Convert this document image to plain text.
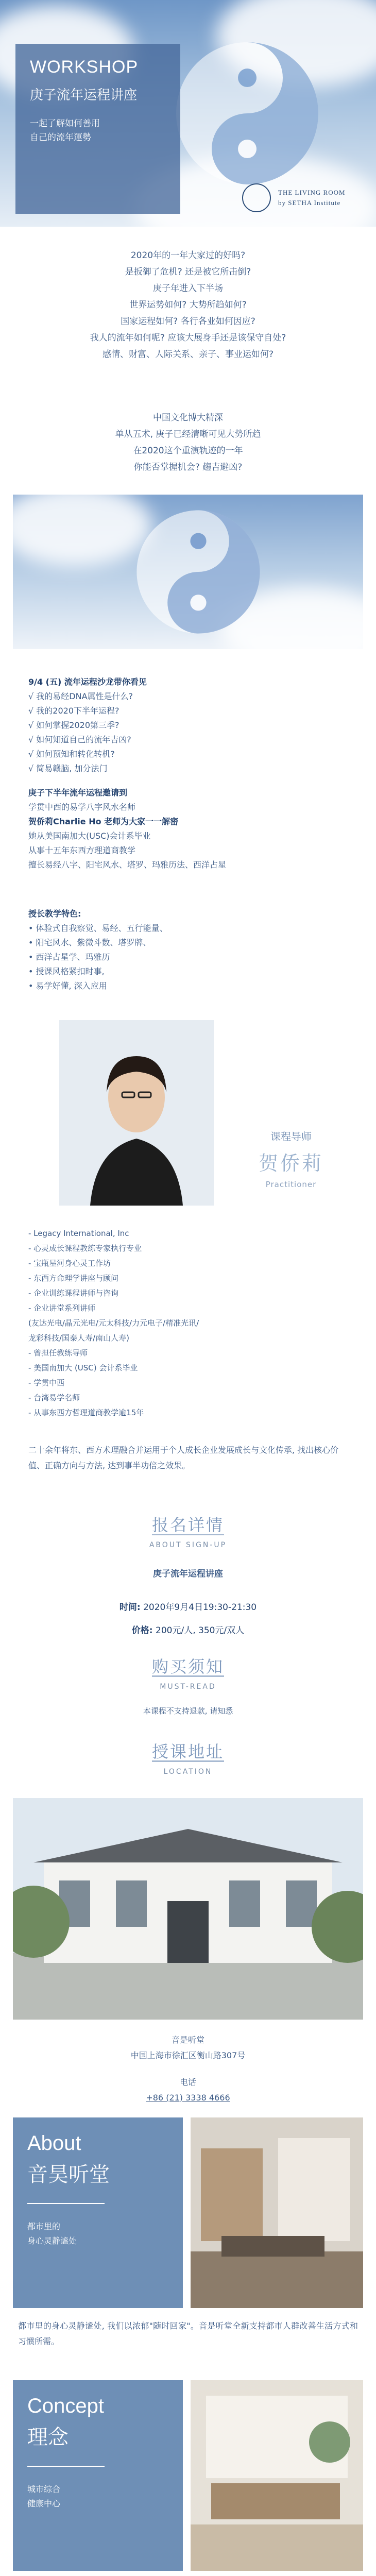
WORKSHOP
庚子流年运程讲座
一起了解如何善用
自己的流年運勢
THE LIVING ROOM
by SETHA Institute
2020年的一年大家过的好吗?
是扳御了危机? 还是被它所击倒?
庚子年进入下半场
世界运势如何? 大势所趋如何?
国家运程如何? 各行各业如何因应?
我人的流年如何呢? 应该大展身手还是该保守自处?
感情、财富、人际关系、亲子、事业运如何?
中国文化博大精深
单从五术, 庚子已经清晰可见大势所趋
在2020这个重演轨迹的一年
你能否掌握机会? 趨吉避凶?
9/4 (五) 流年运程沙龙带你看见
√ 我的易经DNA属性是什么?
√ 我的2020下半年运程?
√ 如何掌握2020第三季?
√ 如何知道自己的流年吉凶?
√ 如何预知和转化转机?
√ 简易赣脑, 加分法门
庚子下半年流年运程邀请到
学贯中西的易学八字风水名师
贺侨莉Charlie Ho 老师为大家一一解密
她从美国南加大(USC)会计系毕业
从事十五年东西方理道商教学
擅长易经八字、阳宅风水、塔罗、玛雅历法、西洋占星
授长教学特色:
• 体验式自我察觉、易经、五行能量、
• 阳宅风水、紫微斗数、塔罗牌、
• 西洋占星学、玛雅历
• 授课风格紧扣时事,
• 易学好懂, 深入应用
课程导师
贺侨莉
Practitioner
- Legacy International, Inc
- 心灵成长课程教练专家执行专业
- 宝瓶星河身心灵工作坊
- 东西方命理学讲座与顾问
- 企业训练课程讲师与咨询
- 企业讲堂系列讲师
(友达光电/晶元光电/元太科技/力元电子/精准光讯/
龙彩科技/国泰人寿/南山人寿)
- 曾担任教练导师
- 美国南加大 (USC) 会计系毕业
- 学贯中西
- 台湾易学名师
- 从事东西方哲理道商教学逾15年
二十余年将东、西方术理融合并运用于个人成长企业发展成长与文化传承, 找出核心价值、正确方向与方法, 达到事半功倍之效果。
报名详情
ABOUT SIGN-UP
庚子流年运程讲座
时间: 2020年9月4日19:30-21:30
价格: 200元/人, 350元/双人
购买须知
MUST-READ
本课程不支持退款, 请知悉
授课地址
LOCATION
音是听堂
中国上海市徐汇区衡山路307号
电话
+86 (21) 3338 4666
About
音昊听堂
都市里的
身心灵静谧处
都市里的身心灵静谧处, 我们以浓郁"随时回家"。音是听堂全新支持都市人群改善生活方式和习惯所需。
Concept
理念
城市综合
健康中心
